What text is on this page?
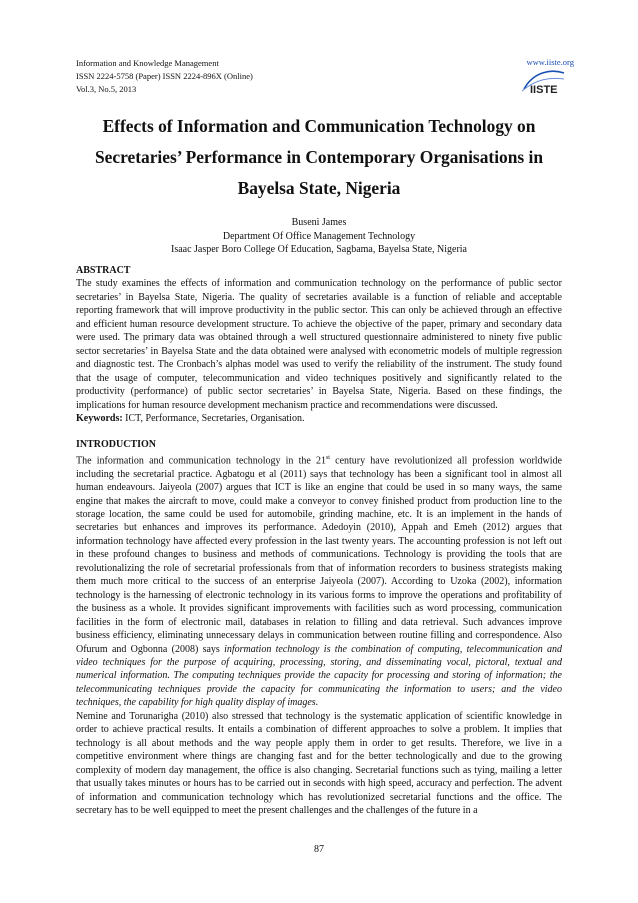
Information and Knowledge Management
ISSN 2224-5758 (Paper) ISSN 2224-896X (Online)
Vol.3, No.5, 2013
www.iiste.org
IISTE
Effects of Information and Communication Technology on
Secretaries’ Performance in Contemporary Organisations in
Bayelsa State, Nigeria
Buseni James
Department Of Office Management Technology
Isaac Jasper Boro College Of Education, Sagbama, Bayelsa State, Nigeria

ABSTRACT

The study examines the effects of information and communication technology on the performance of public sector secretaries’ in Bayelsa State, Nigeria. The quality of secretaries available is a function of reliable and acceptable reporting framework that will improve productivity in the public sector. This can only be achieved through an effective and efficient human resource development structure. To achieve the objective of the paper, primary and secondary data were used. The primary data was obtained through a well structured questionnaire administered to ninety five public sector secretaries’ in Bayelsa State and the data obtained were analysed with econometric models of multiple regression and diagnostic test. The Cronbach’s alphas model was used to verify the reliability of the instrument. The study found that the usage of computer, telecommunication and video techniques positively and significantly related to the productivity (performance) of public sector secretaries’ in Bayelsa State, Nigeria. Based on these findings, the implications for human resource development mechanism practice and recommendations were discussed.

Keywords: ICT, Performance, Secretaries, Organisation.

INTRODUCTION

The information and communication technology in the 21st century have revolutionized all profession worldwide including the secretarial practice. Agbatogu et al (2011) says that technology has been a significant tool in almost all human endeavours. Jaiyeola (2007) argues that ICT is like an engine that could be used in so many ways, the same engine that makes the aircraft to move, could make a conveyor to convey finished product from production line to the storage location, the same could be used for automobile, grinding machine, etc. It is an implement in the hands of secretaries but enhances and improves its performance. Adedoyin (2010), Appah and Emeh (2012) argues that information technology have affected every profession in the last twenty years. The accounting profession is not left out in these profound changes to business and methods of communications. Technology is providing the tools that are revolutionalizing the role of secretarial professionals from that of information recorders to business strategists making them much more critical to the success of an enterprise Jaiyeola (2007). According to Uzoka (2002), information technology is the harnessing of electronic technology in its various forms to improve the operations and profitability of the business as a whole. It provides significant improvements with facilities such as word processing, communication facilities in the form of electronic mail, databases in relation to filling and data retrieval. Such advances improve business efficiency, eliminating unnecessary delays in communication between routine filling and correspondence. Also Ofurum and Ogbonna (2008) says information technology is the combination of computing, telecommunication and video techniques for the purpose of acquiring, processing, storing, and disseminating vocal, pictoral, textual and numerical information. The computing techniques provide the capacity for processing and storing of information; the telecommunicating techniques provide the capacity for communicating the information to users; and the video techniques, the capability for high quality display of images.

Nemine and Torunarigha (2010) also stressed that technology is the systematic application of scientific knowledge in order to achieve practical results. It entails a combination of different approaches to solve a problem. It implies that technology is all about methods and the way people apply them in order to get results. Therefore, we live in a competitive environment where things are changing fast and for the better technologically and due to the growing complexity of modern day management, the office is also changing. Secretarial functions such as tying, mailing a letter that usually takes minutes or hours has to be carried out in seconds with high speed, accuracy and perfection. The advent of information and communication technology which has revolutionized secretarial functions and the office. The secretary has to be well equipped to meet the present challenges and the challenges of the future in a

87
